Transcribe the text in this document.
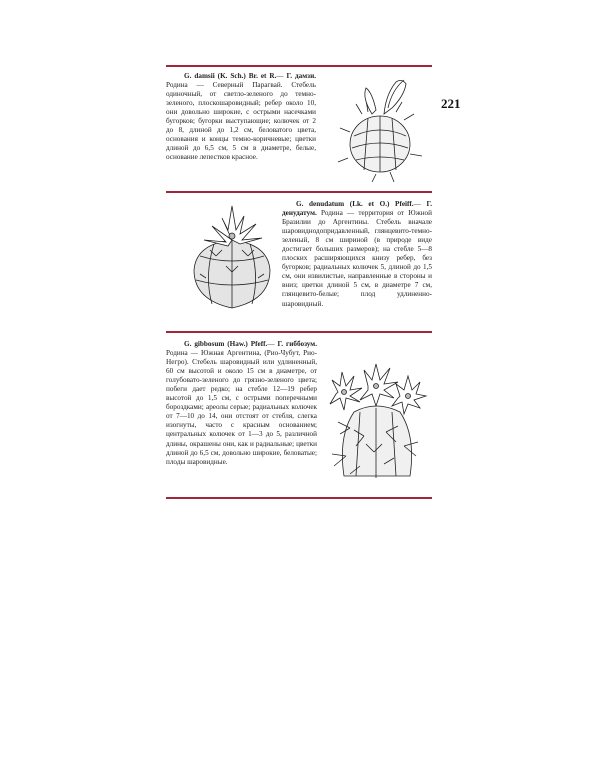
221
G. damsii (K. Sch.) Br. et R.— Г. дамзи. Родина — Северный Парагвай. Стебель одиночный, от светло-зеленого до темно-зеленого, плоскошаровидный; ребер около 10, они довольно широкие, с острыми насечками бугорков; бугорки выступающие; колючек от 2 до 8, длиной до 1,2 см, беловатого цвета, основания и концы темно-коричневые; цветки длиной до 6,5 см, 5 см в диаметре, белые, основание лепестков красное.
G. denudatum (Lk. et O.) Pfeiff.— Г. денудатум. Родина — территория от Южной Бразилии до Аргентины. Стебель вначале шаровиднодопридавленный, глянцевито-темно-зеленый, 8 см шириной (в природе виде достигает больших размеров); на стебле 5—8 плоских расширяющихся книзу ребер, без бугорков; радиальных колючек 5, длиной до 1,5 см, они извилистые, направленные в стороны и вниз; цветки длиной 5 см, в диаметре 7 см, глянцевито-белые; плод удлиненно-шаровидный.
G. gibbosum (Haw.) Pfeff.— Г. гиббозум. Родина — Южная Аргентина, (Рио-Чубут, Рио-Негро). Стебель шаровидный или удлиненный, 60 см высотой и около 15 см в диаметре, от голубовато-зеленого до грязно-зеленого цвета; побеги дает редко; на стебле 12—19 ребер высотой до 1,5 см, с острыми поперечными бороздками; ареолы серые; радиальных колючек от 7—10 до 14, они отстоят от стебля, слегка изогнуты, часто с красным основанием; центральных колючек от 1—3 до 5, различной длины, окрашены они, как и радиальные; цветки длиной до 6,5 см, довольно широкие, беловатые; плоды шаровидные.
